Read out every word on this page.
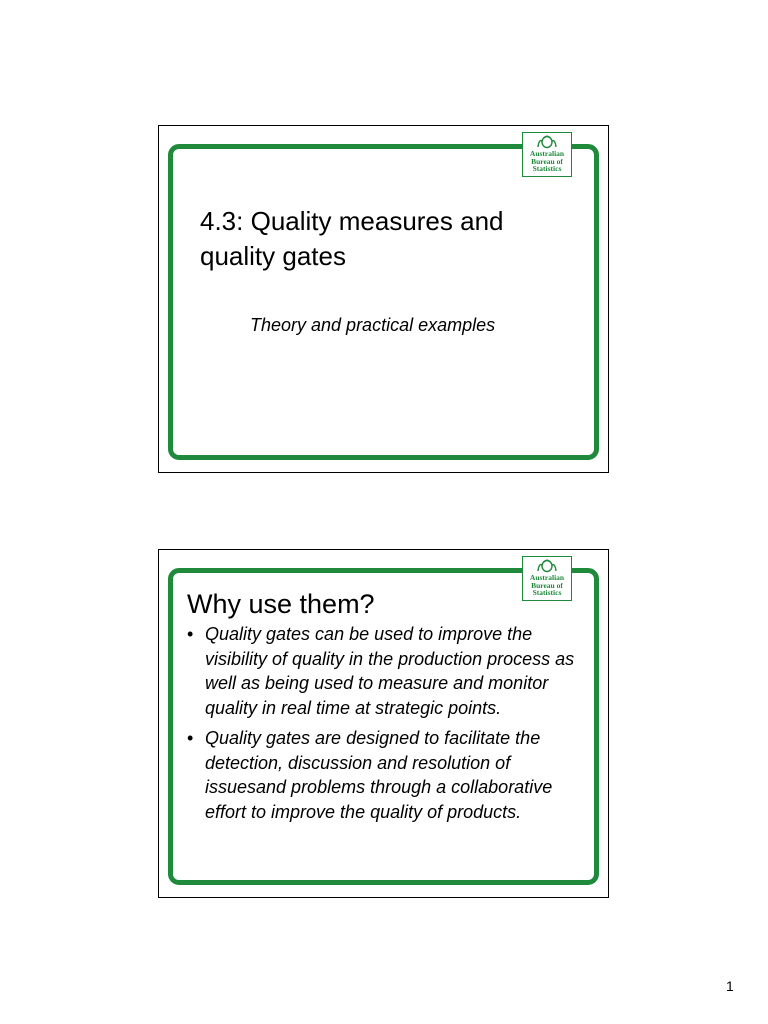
Australian
Bureau of
Statistics
4.3: Quality measures and
quality gates
Theory and practical examples
Australian
Bureau of
Statistics
Why use them?
• Quality gates can be used to improve the visibility of quality in the production process as well as being used to measure and monitor quality in real time at strategic points.
• Quality gates are designed to facilitate the detection, discussion and resolution of issuesand problems through a collaborative effort to improve the quality of products.
1
